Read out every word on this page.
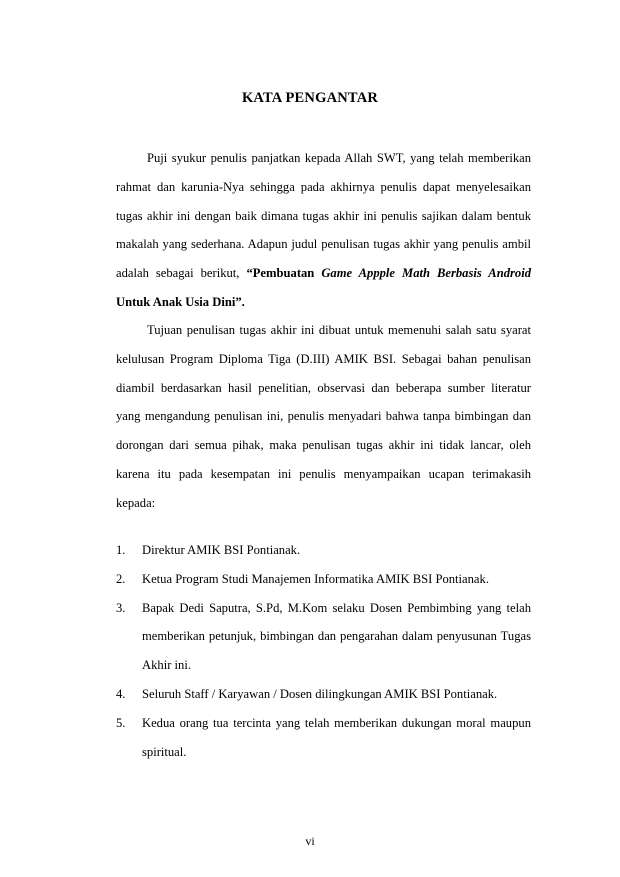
KATA PENGANTAR
Puji syukur penulis panjatkan kepada Allah SWT, yang telah memberikan rahmat dan karunia-Nya sehingga pada akhirnya penulis dapat menyelesaikan tugas akhir ini dengan baik dimana tugas akhir ini penulis sajikan dalam bentuk makalah yang sederhana. Adapun judul penulisan tugas akhir yang penulis ambil adalah sebagai berikut, “Pembuatan Game Appple Math Berbasis Android Untuk Anak Usia Dini”.
Tujuan penulisan tugas akhir ini dibuat untuk memenuhi salah satu syarat kelulusan Program Diploma Tiga (D.III) AMIK BSI. Sebagai bahan penulisan diambil berdasarkan hasil penelitian, observasi dan beberapa sumber literatur yang mengandung penulisan ini, penulis menyadari bahwa tanpa bimbingan dan dorongan dari semua pihak, maka penulisan tugas akhir ini tidak lancar, oleh karena itu pada kesempatan ini penulis menyampaikan ucapan terimakasih kepada:
1. Direktur AMIK BSI Pontianak.
2. Ketua Program Studi Manajemen Informatika AMIK BSI Pontianak.
3. Bapak Dedi Saputra, S.Pd, M.Kom selaku Dosen Pembimbing yang telah memberikan petunjuk, bimbingan dan pengarahan dalam penyusunan Tugas Akhir ini.
4. Seluruh Staff / Karyawan / Dosen dilingkungan AMIK BSI Pontianak.
5. Kedua orang tua tercinta yang telah memberikan dukungan moral maupun spiritual.
vi
